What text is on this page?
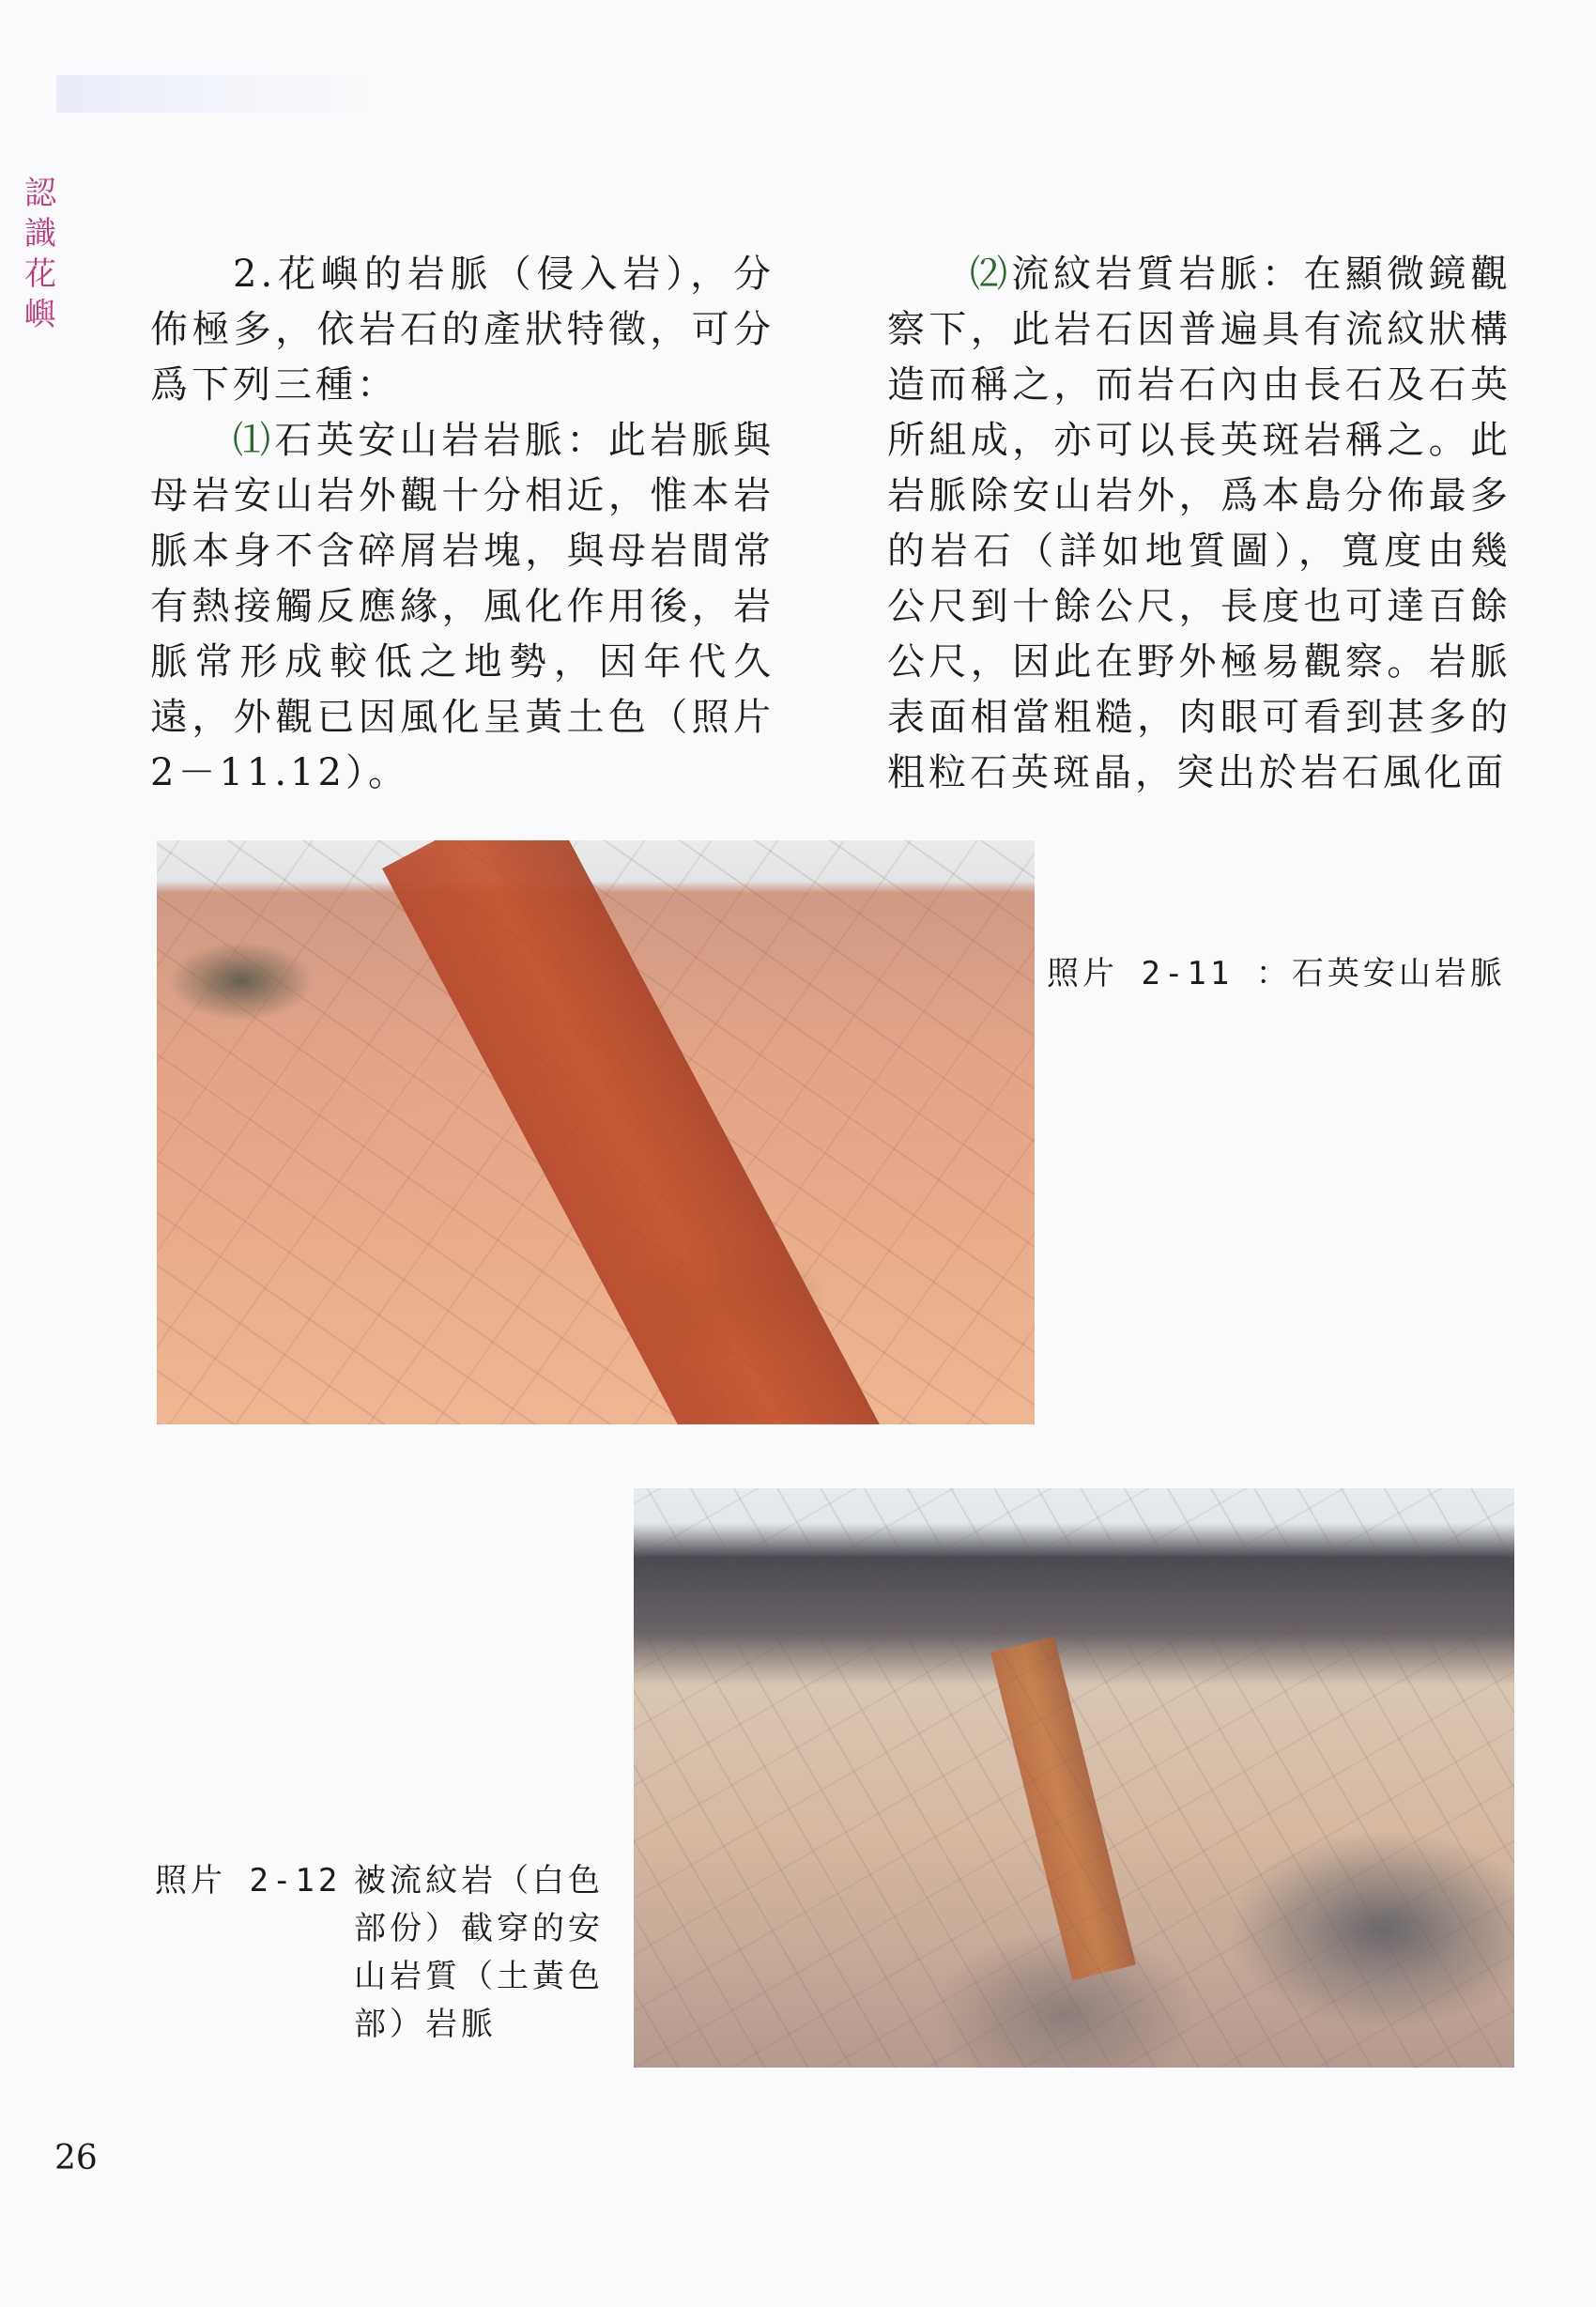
認
識
花
嶼

2.花嶼的岩脈（侵入岩），分佈極多，依岩石的產狀特徵，可分爲下列三種：

⑴石英安山岩岩脈：此岩脈與母岩安山岩外觀十分相近，惟本岩脈本身不含碎屑岩塊，與母岩間常有熱接觸反應緣，風化作用後，岩脈常形成較低之地勢，因年代久遠，外觀已因風化呈黃土色（照片2－11.12）。

⑵流紋岩質岩脈：在顯微鏡觀察下，此岩石因普遍具有流紋狀構造而稱之，而岩石內由長石及石英所組成，亦可以長英斑岩稱之。此岩脈除安山岩外，爲本島分佈最多的岩石（詳如地質圖），寬度由幾公尺到十餘公尺，長度也可達百餘公尺，因此在野外極易觀察。岩脈表面相當粗糙，肉眼可看到甚多的粗粒石英斑晶，突出於岩石風化面

照片 2-11 ：石英安山岩脈
照片 2-12 ：
被流紋岩（白色部份）截穿的安山岩質（土黃色部）岩脈
26
